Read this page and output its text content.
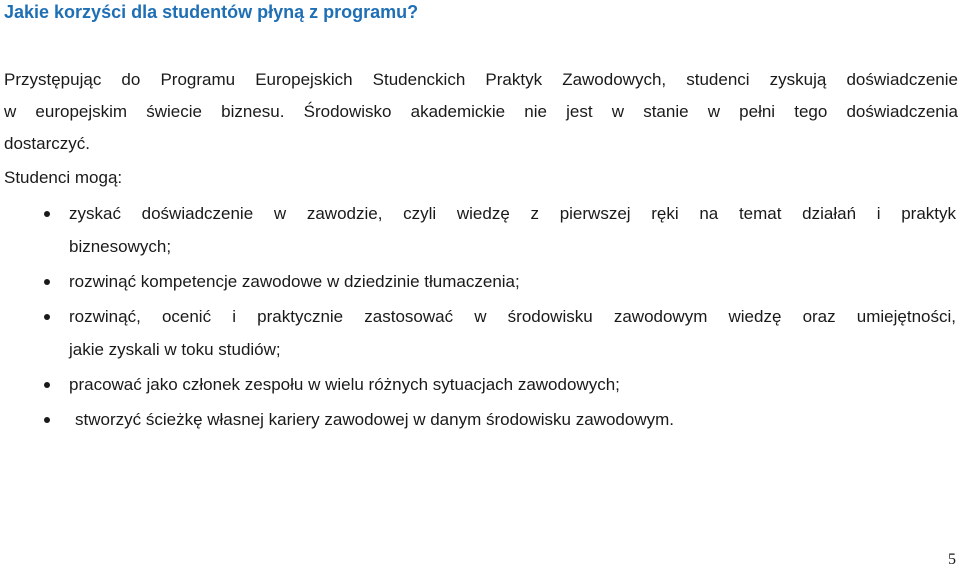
Jakie korzyści dla studentów płyną z programu?

Przystępując do Programu Europejskich Studenckich Praktyk Zawodowych, studenci zyskują doświadczenie
w europejskim świecie biznesu. Środowisko akademickie nie jest w stanie w pełni tego doświadczenia
dostarczyć.

Studenci mogą:

zyskać doświadczenie w zawodzie, czyli wiedzę z pierwszej ręki na temat działań i praktyk
biznesowych;
rozwinąć kompetencje zawodowe w dziedzinie tłumaczenia;
rozwinąć, ocenić i praktycznie zastosować w środowisku zawodowym wiedzę oraz umiejętności,
jakie zyskali w toku studiów;
pracować jako członek zespołu w wielu różnych sytuacjach zawodowych;
stworzyć ścieżkę własnej kariery zawodowej w danym środowisku zawodowym.
5
